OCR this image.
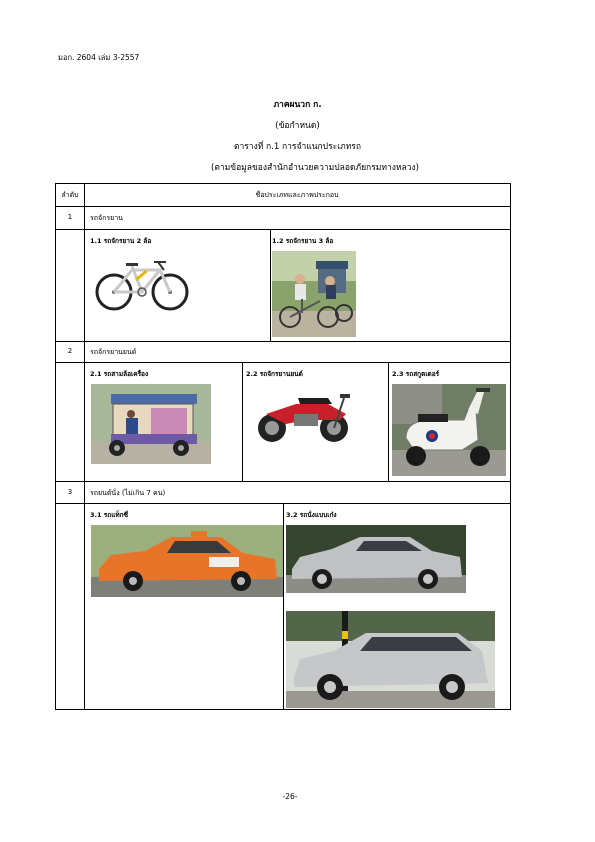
มอก. 2604 เล่ม 3-2557
ภาคผนวก ก.
(ข้อกำหนด)
ตารางที่ ก.1 การจำแนกประเภทรถ
(ตามข้อมูลของสำนักอำนวยความปลอดภัยกรมทางหลวง)
ลำดับ	ชื่อประเภทและภาพประกอบ
1	รถจักรยาน
1.1 รถจักรยาน 2 ล้อ	1.2 รถจักรยาน 3 ล้อ
2	รถจักรยานยนต์
2.1 รถสามล้อเครื่อง	2.2 รถจักรยานยนต์	2.3 รถสกูตเตอร์
3	รถยนต์นั่ง (ไม่เกิน 7 คน)
3.1 รถแท็กซี่	3.2 รถนั่งแบบเก๋ง
-26-
